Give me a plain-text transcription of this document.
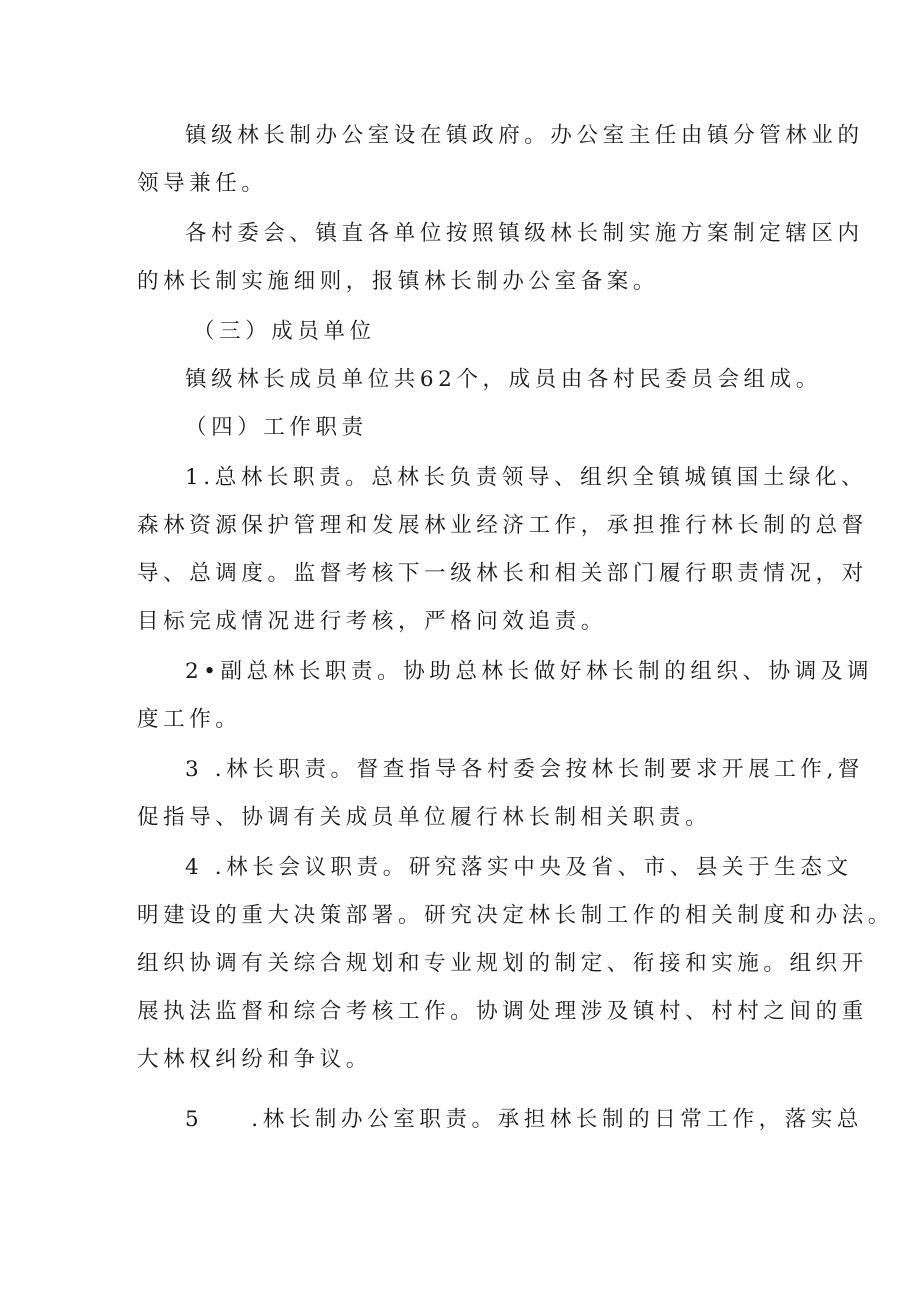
镇级林长制办公室设在镇政府。办公室主任由镇分管林业的
领导兼任。
各村委会、镇直各单位按照镇级林长制实施方案制定辖区内
的林长制实施细则，报镇林长制办公室备案。
（三）成员单位
镇级林长成员单位共62个，成员由各村民委员会组成。
（四）工作职责
1.总林长职责。总林长负责领导、组织全镇城镇国土绿化、
森林资源保护管理和发展林业经济工作，承担推行林长制的总督
导、总调度。监督考核下一级林长和相关部门履行职责情况，对
目标完成情况进行考核，严格问效追责。
2•副总林长职责。协助总林长做好林长制的组织、协调及调
度工作。
3 .林长职责。督查指导各村委会按林长制要求开展工作,督
促指导、协调有关成员单位履行林长制相关职责。
4 .林长会议职责。研究落实中央及省、市、县关于生态文
明建设的重大决策部署。研究决定林长制工作的相关制度和办法。
组织协调有关综合规划和专业规划的制定、衔接和实施。组织开
展执法监督和综合考核工作。协调处理涉及镇村、村村之间的重
大林权纠纷和争议。
5 .林长制办公室职责。承担林长制的日常工作，落实总
